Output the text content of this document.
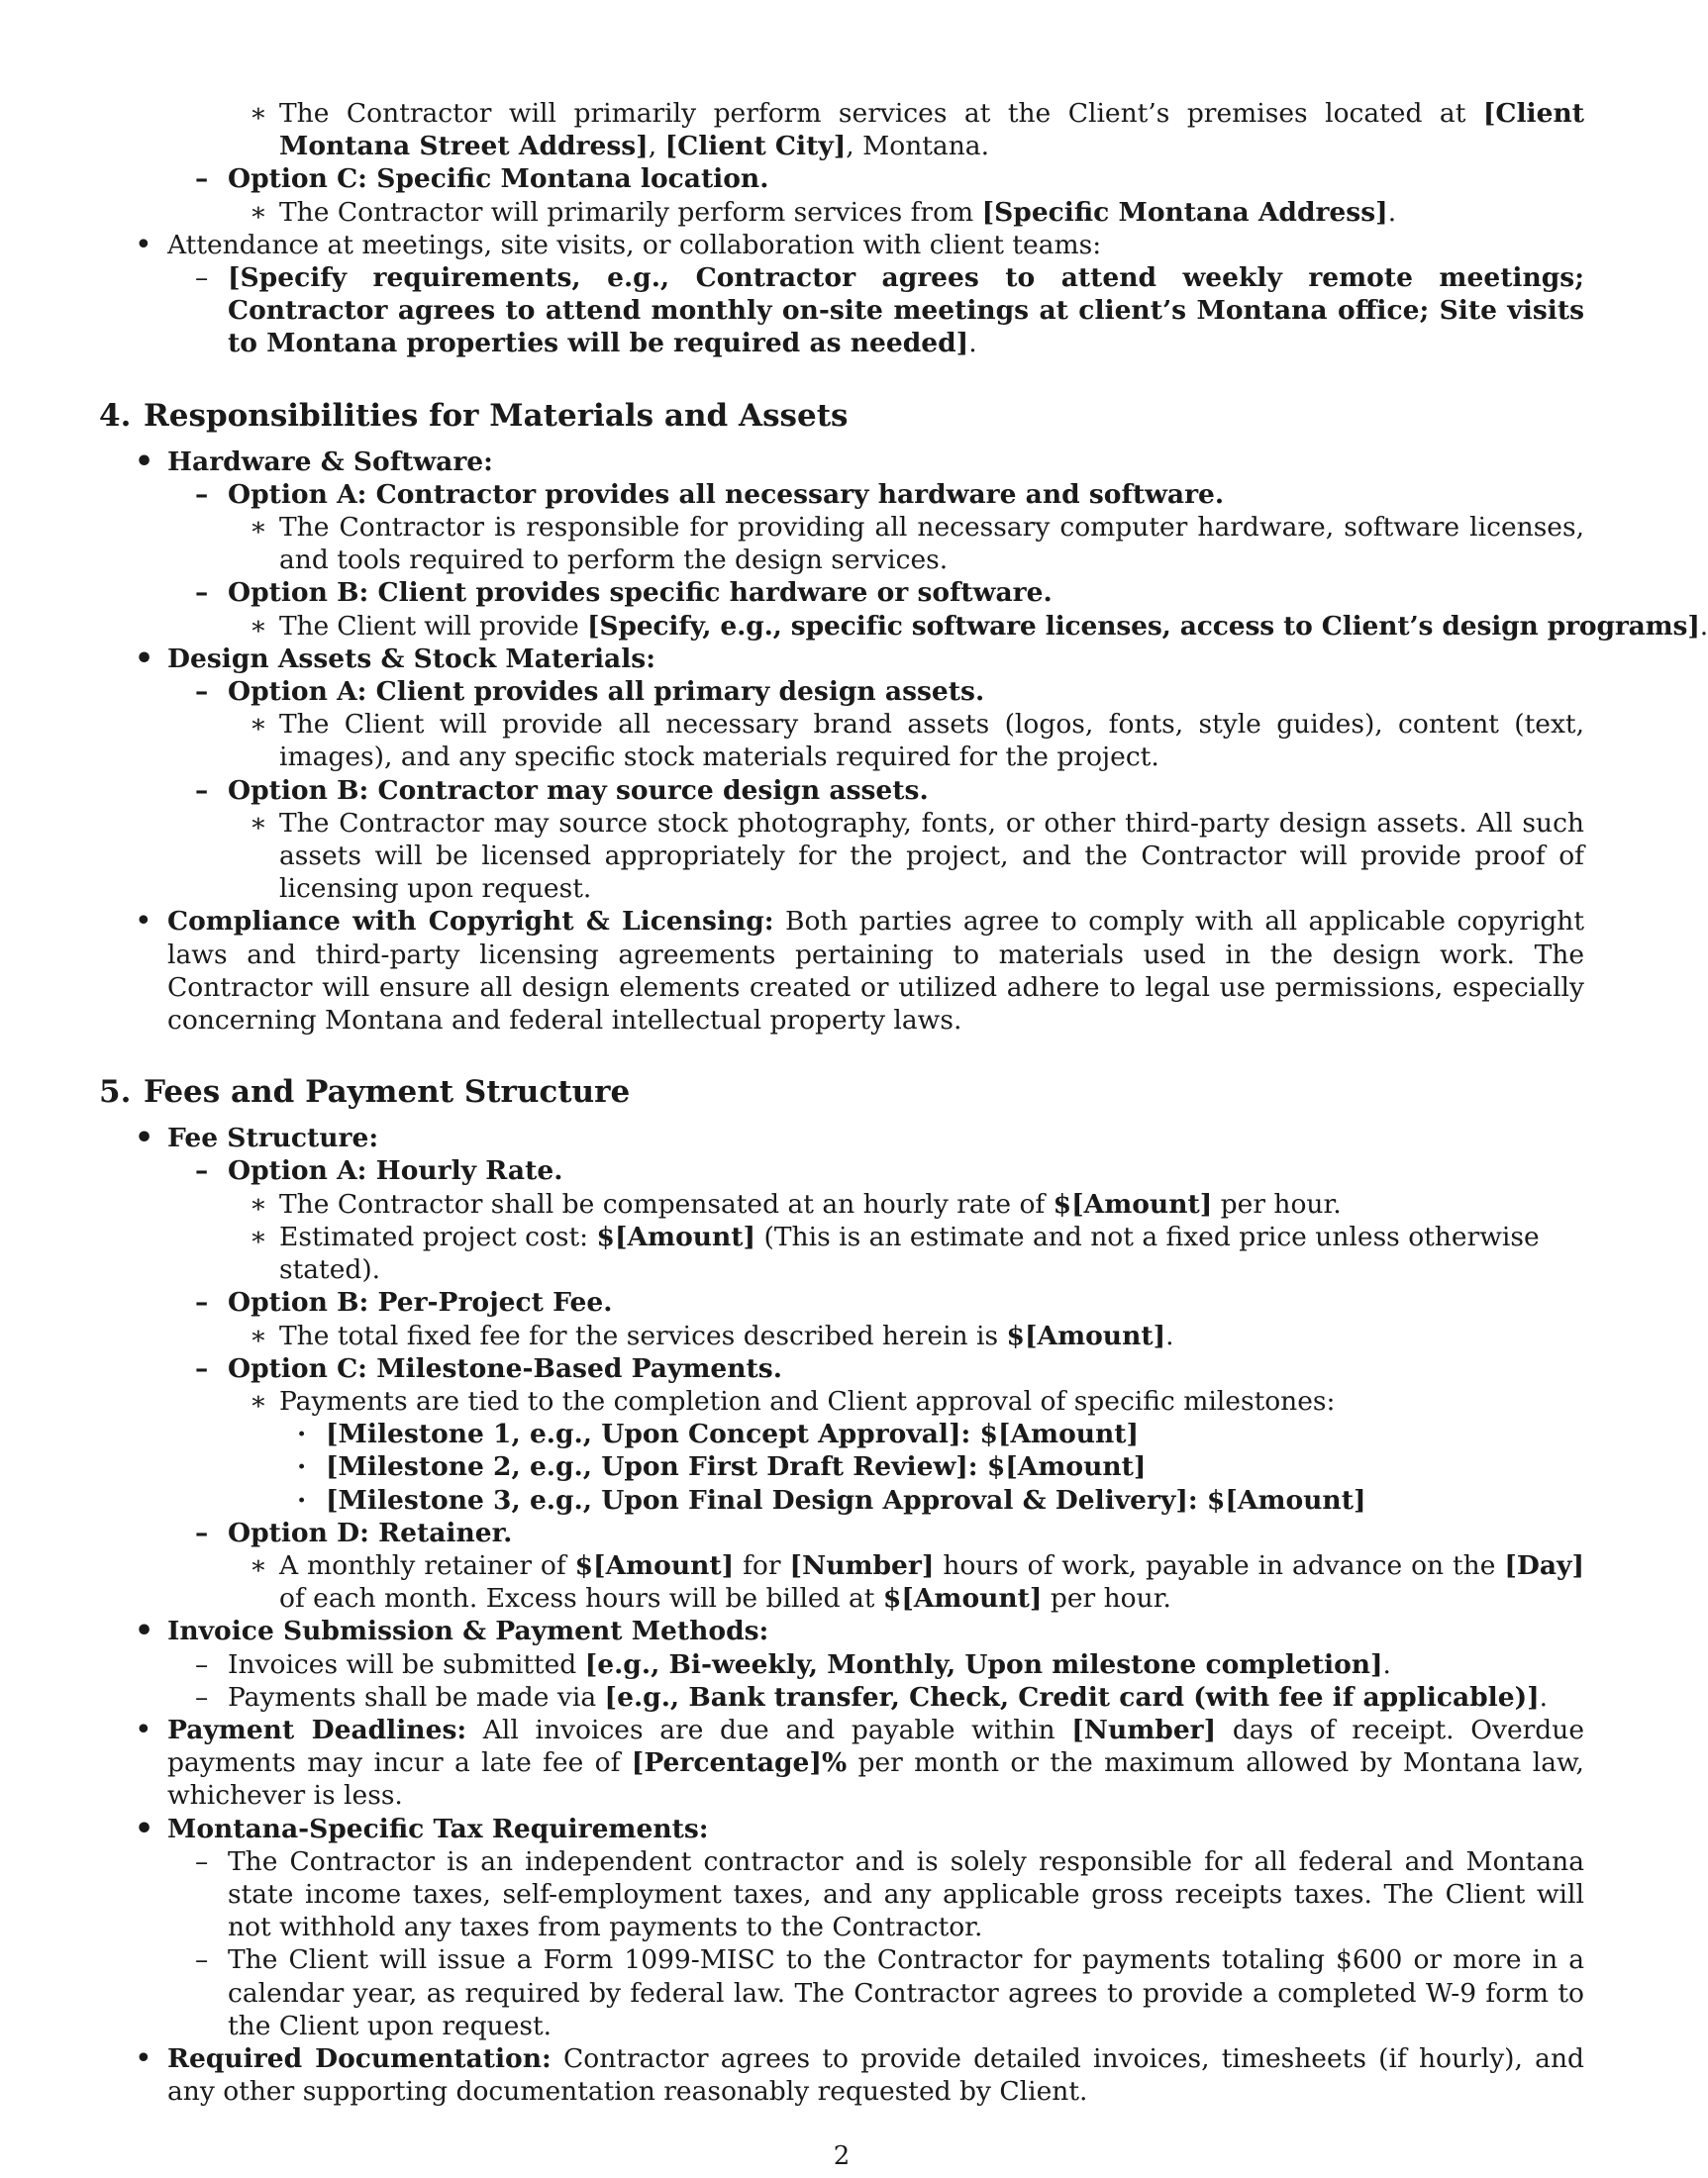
∗ The Contractor will primarily perform services at the Client’s premises located at [Client Montana Street Address], [Client City], Montana.
– Option C: Specific Montana location.
∗ The Contractor will primarily perform services from [Specific Montana Address].
• Attendance at meetings, site visits, or collaboration with client teams:
– [Specify requirements, e.g., Contractor agrees to attend weekly remote meetings; Contractor agrees to attend monthly on-site meetings at client’s Montana office; Site visits to Montana properties will be required as needed].
4. Responsibilities for Materials and Assets
• Hardware & Software:
– Option A: Contractor provides all necessary hardware and software.
∗ The Contractor is responsible for providing all necessary computer hardware, software licenses, and tools required to perform the design services.
– Option B: Client provides specific hardware or software.
∗ The Client will provide [Specify, e.g., specific software licenses, access to Client’s design programs].
• Design Assets & Stock Materials:
– Option A: Client provides all primary design assets.
∗ The Client will provide all necessary brand assets (logos, fonts, style guides), content (text, images), and any specific stock materials required for the project.
– Option B: Contractor may source design assets.
∗ The Contractor may source stock photography, fonts, or other third-party design assets. All such assets will be licensed appropriately for the project, and the Contractor will provide proof of licensing upon request.
• Compliance with Copyright & Licensing: Both parties agree to comply with all applicable copyright laws and third-party licensing agreements pertaining to materials used in the design work. The Contractor will ensure all design elements created or utilized adhere to legal use permissions, especially concerning Montana and federal intellectual property laws.
5. Fees and Payment Structure
• Fee Structure:
– Option A: Hourly Rate.
∗ The Contractor shall be compensated at an hourly rate of $[Amount] per hour.
∗ Estimated project cost: $[Amount] (This is an estimate and not a fixed price unless otherwise stated).
– Option B: Per-Project Fee.
∗ The total fixed fee for the services described herein is $[Amount].
– Option C: Milestone-Based Payments.
∗ Payments are tied to the completion and Client approval of specific milestones:
· [Milestone 1, e.g., Upon Concept Approval]: $[Amount]
· [Milestone 2, e.g., Upon First Draft Review]: $[Amount]
· [Milestone 3, e.g., Upon Final Design Approval & Delivery]: $[Amount]
– Option D: Retainer.
∗ A monthly retainer of $[Amount] for [Number] hours of work, payable in advance on the [Day] of each month. Excess hours will be billed at $[Amount] per hour.
• Invoice Submission & Payment Methods:
– Invoices will be submitted [e.g., Bi-weekly, Monthly, Upon milestone completion].
– Payments shall be made via [e.g., Bank transfer, Check, Credit card (with fee if applicable)].
• Payment Deadlines: All invoices are due and payable within [Number] days of receipt. Overdue payments may incur a late fee of [Percentage]% per month or the maximum allowed by Montana law, whichever is less.
• Montana-Specific Tax Requirements:
– The Contractor is an independent contractor and is solely responsible for all federal and Montana state income taxes, self-employment taxes, and any applicable gross receipts taxes. The Client will not withhold any taxes from payments to the Contractor.
– The Client will issue a Form 1099-MISC to the Contractor for payments totaling $600 or more in a calendar year, as required by federal law. The Contractor agrees to provide a completed W-9 form to the Client upon request.
• Required Documentation: Contractor agrees to provide detailed invoices, timesheets (if hourly), and any other supporting documentation reasonably requested by Client.
2
